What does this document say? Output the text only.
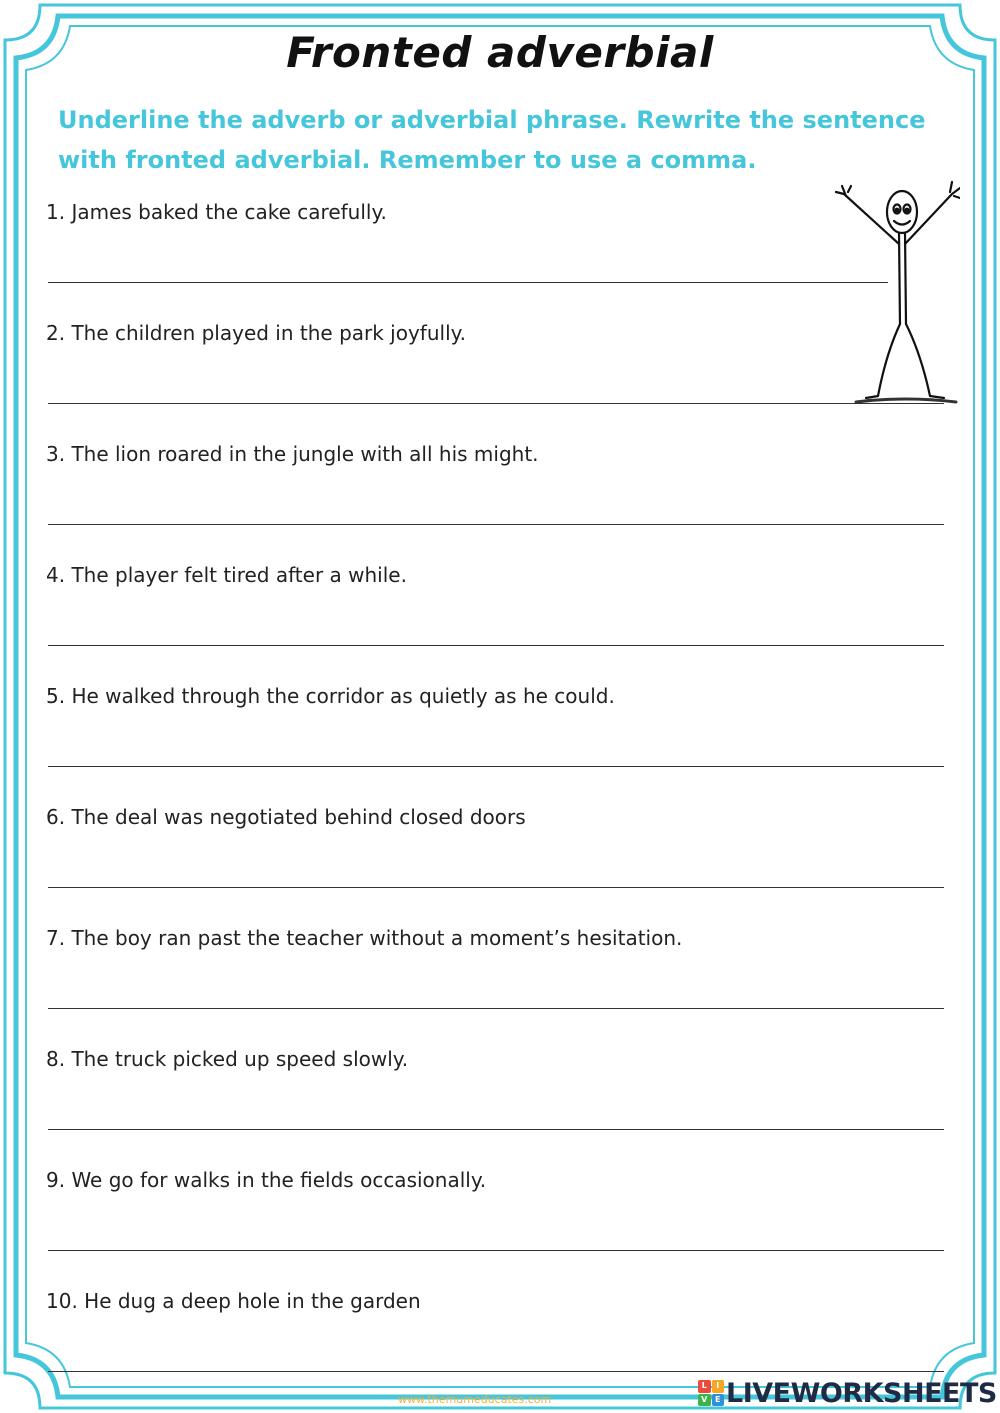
Fronted adverbial
Underline the adverb or adverbial phrase. Rewrite the sentence with fronted adverbial. Remember to use a comma.
1. James baked the cake carefully.
2. The children played in the park joyfully.
3. The lion roared in the jungle with all his might.
4. The player felt tired after a while.
5. He walked through the corridor as quietly as he could.
6. The deal was negotiated behind closed doors
7. The boy ran past the teacher without a moment’s hesitation.
8. The truck picked up speed slowly.
9. We go for walks in the fields occasionally.
10. He dug a deep hole in the garden
www.themumeducates.com
L	I
V E LIVEWORKSHEETS
